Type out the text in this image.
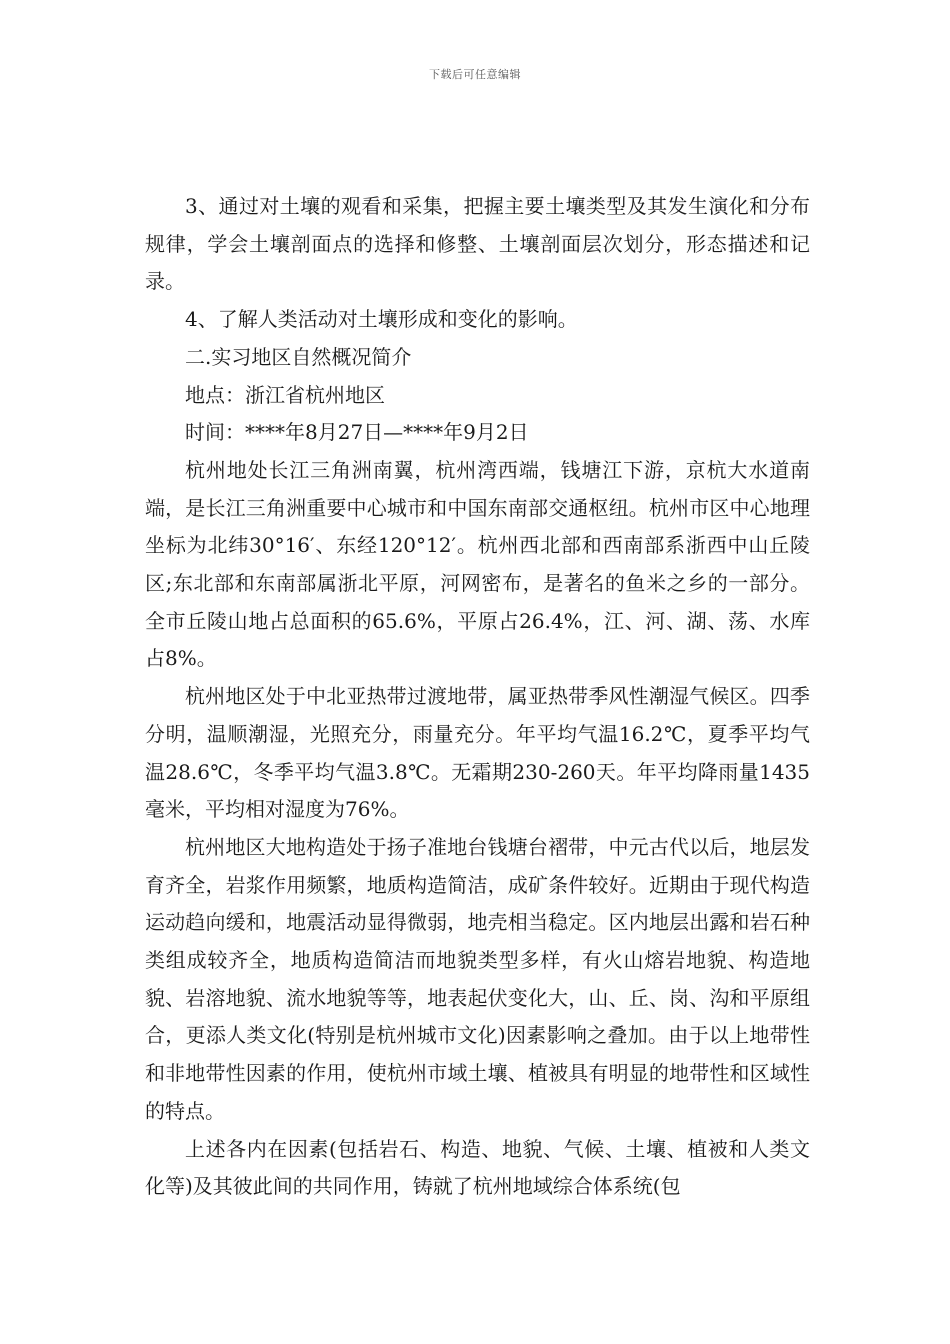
下载后可任意编辑

3、通过对土壤的观看和采集，把握主要土壤类型及其发生演化和分布规律，学会土壤剖面点的选择和修整、土壤剖面层次划分，形态描述和记录。

4、了解人类活动对土壤形成和变化的影响。

二.实习地区自然概况简介

地点：浙江省杭州地区

时间：****年8月27日—****年9月2日

杭州地处长江三角洲南翼，杭州湾西端，钱塘江下游，京杭大水道南端，是长江三角洲重要中心城市和中国东南部交通枢纽。杭州市区中心地理坐标为北纬30°16′、东经120°12′。杭州西北部和西南部系浙西中山丘陵区;东北部和东南部属浙北平原，河网密布，是著名的鱼米之乡的一部分。全市丘陵山地占总面积的65.6%，平原占26.4%，江、河、湖、荡、水库占8%。

杭州地区处于中北亚热带过渡地带，属亚热带季风性潮湿气候区。四季分明，温顺潮湿，光照充分，雨量充分。年平均气温16.2℃，夏季平均气温28.6℃，冬季平均气温3.8℃。无霜期230-260天。年平均降雨量1435毫米，平均相对湿度为76%。

杭州地区大地构造处于扬子准地台钱塘台褶带，中元古代以后，地层发育齐全，岩浆作用频繁，地质构造简洁，成矿条件较好。近期由于现代构造运动趋向缓和，地震活动显得微弱，地壳相当稳定。区内地层出露和岩石种类组成较齐全，地质构造简洁而地貌类型多样，有火山熔岩地貌、构造地貌、岩溶地貌、流水地貌等等，地表起伏变化大，山、丘、岗、沟和平原组合，更添人类文化(特别是杭州城市文化)因素影响之叠加。由于以上地带性和非地带性因素的作用，使杭州市域土壤、植被具有明显的地带性和区域性的特点。

上述各内在因素(包括岩石、构造、地貌、气候、土壤、植被和人类文化等)及其彼此间的共同作用，铸就了杭州地域综合体系统(包
